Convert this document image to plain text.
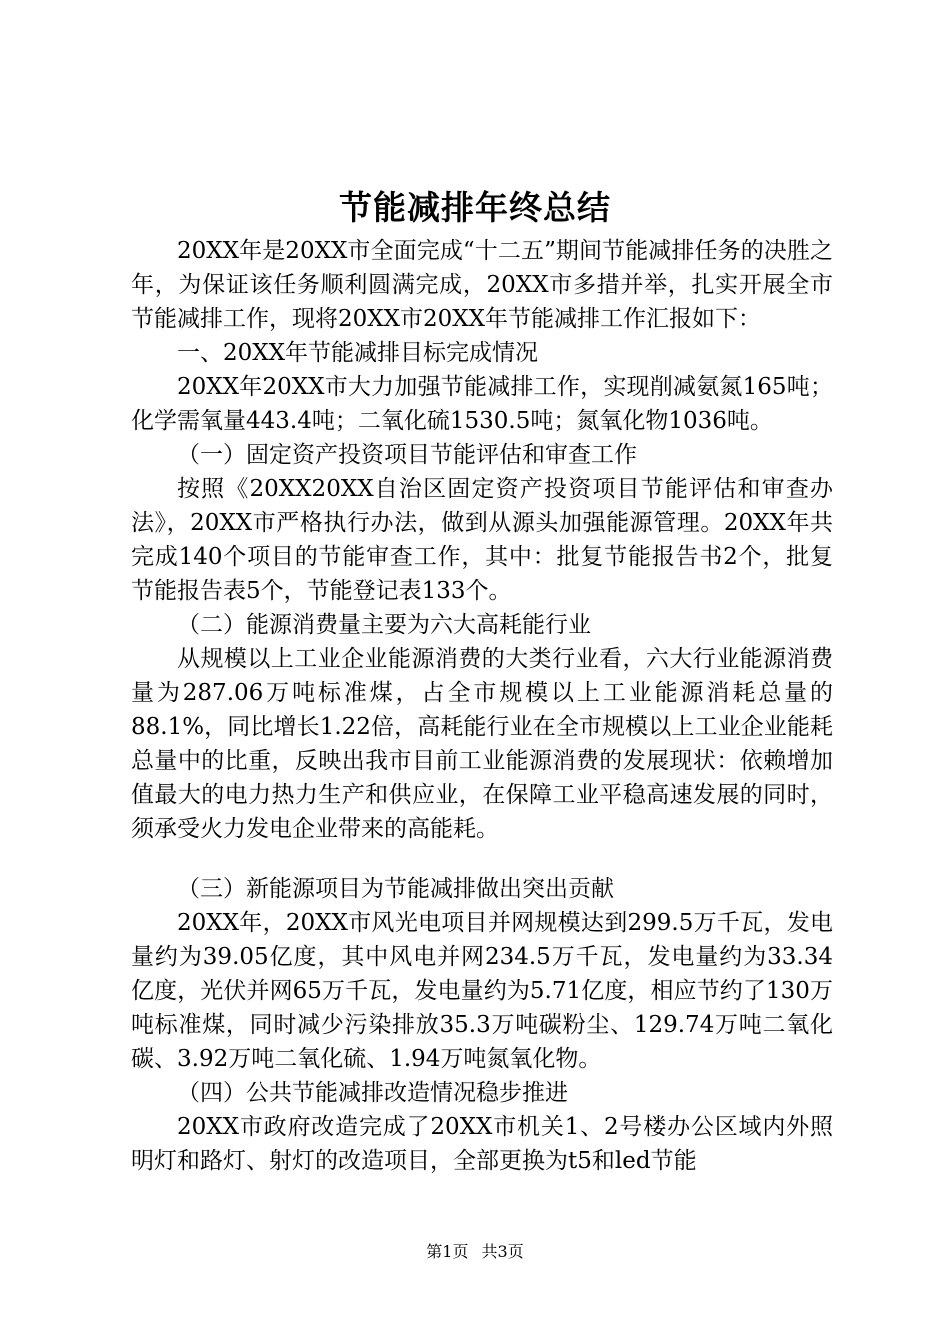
节能减排年终总结

20XX年是20XX市全面完成“十二五”期间节能减排任务的决胜之年，为保证该任务顺利圆满完成，20XX市多措并举，扎实开展全市节能减排工作，现将20XX市20XX年节能减排工作汇报如下：

一、20XX年节能减排目标完成情况

20XX年20XX市大力加强节能减排工作，实现削减氨氮165吨；化学需氧量443.4吨；二氧化硫1530.5吨；氮氧化物1036吨。

（一）固定资产投资项目节能评估和审查工作

按照《20XX20XX自治区固定资产投资项目节能评估和审查办法》，20XX市严格执行办法，做到从源头加强能源管理。20XX年共完成140个项目的节能审查工作，其中：批复节能报告书2个，批复节能报告表5个，节能登记表133个。

（二）能源消费量主要为六大高耗能行业

从规模以上工业企业能源消费的大类行业看，六大行业能源消费量为287.06万吨标准煤，占全市规模以上工业能源消耗总量的88.1%，同比增长1.22倍，高耗能行业在全市规模以上工业企业能耗总量中的比重，反映出我市目前工业能源消费的发展现状：依赖增加值最大的电力热力生产和供应业，在保障工业平稳高速发展的同时，须承受火力发电企业带来的高能耗。

（三）新能源项目为节能减排做出突出贡献

20XX年，20XX市风光电项目并网规模达到299.5万千瓦，发电量约为39.05亿度，其中风电并网234.5万千瓦，发电量约为33.34亿度，光伏并网65万千瓦，发电量约为5.71亿度，相应节约了130万吨标准煤，同时减少污染排放35.3万吨碳粉尘、129.74万吨二氧化碳、3.92万吨二氧化硫、1.94万吨氮氧化物。

（四）公共节能减排改造情况稳步推进

20XX市政府改造完成了20XX市机关1、2号楼办公区域内外照明灯和路灯、射灯的改造项目，全部更换为t5和led节能

第1页 共3页
